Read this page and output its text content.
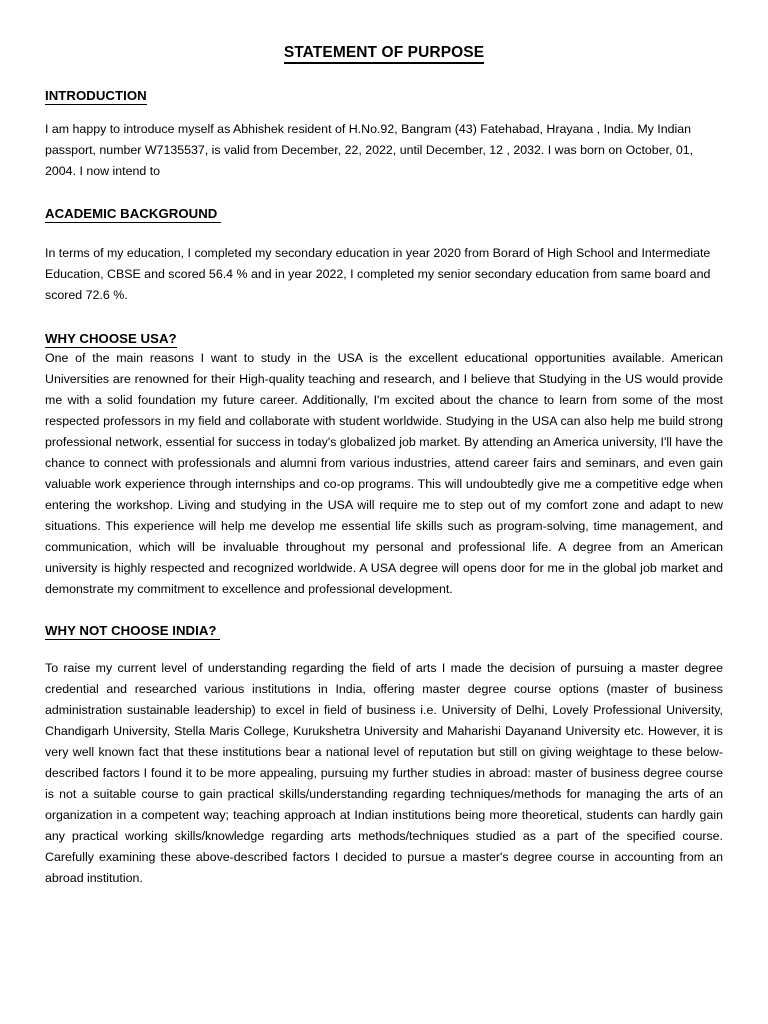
STATEMENT OF PURPOSE
INTRODUCTION

I am happy to introduce myself as Abhishek resident of H.No.92, Bangram (43) Fatehabad, Hrayana , India. My Indian passport, number W7135537, is valid from December, 22, 2022, until December, 12 , 2032. I was born on October, 01, 2004. I now intend to

ACADEMIC BACKGROUND

In terms of my education, I completed my secondary education in year 2020 from Borard of High School and Intermediate Education, CBSE and scored 56.4 % and in year 2022, I completed my senior secondary education from same board and scored 72.6 %.

WHY CHOOSE USA?

One of the main reasons I want to study in the USA is the excellent educational opportunities available. American Universities are renowned for their High-quality teaching and research, and I believe that Studying in the US would provide me with a solid foundation my future career. Additionally, I'm excited about the chance to learn from some of the most respected professors in my field and collaborate with student worldwide. Studying in the USA can also help me build strong professional network, essential for success in today's globalized job market. By attending an America university, I'll have the chance to connect with professionals and alumni from various industries, attend career fairs and seminars, and even gain valuable work experience through internships and co-op programs. This will undoubtedly give me a competitive edge when entering the workshop. Living and studying in the USA will require me to step out of my comfort zone and adapt to new situations. This experience will help me develop me essential life skills such as program-solving, time management, and communication, which will be invaluable throughout my personal and professional life. A degree from an American university is highly respected and recognized worldwide. A USA degree will opens door for me in the global job market and demonstrate my commitment to excellence and professional development.

WHY NOT CHOOSE INDIA?

To raise my current level of understanding regarding the field of arts I made the decision of pursuing a master degree credential and researched various institutions in India, offering master degree course options (master of business administration sustainable leadership) to excel in field of business i.e. University of Delhi, Lovely Professional University, Chandigarh University, Stella Maris College, Kurukshetra University and Maharishi Dayanand University etc. However, it is very well known fact that these institutions bear a national level of reputation but still on giving weightage to these below-described factors I found it to be more appealing, pursuing my further studies in abroad: master of business degree course is not a suitable course to gain practical skills/understanding regarding techniques/methods for managing the arts of an organization in a competent way; teaching approach at Indian institutions being more theoretical, students can hardly gain any practical working skills/knowledge regarding arts methods/techniques studied as a part of the specified course. Carefully examining these above-described factors I decided to pursue a master's degree course in accounting from an abroad institution.
